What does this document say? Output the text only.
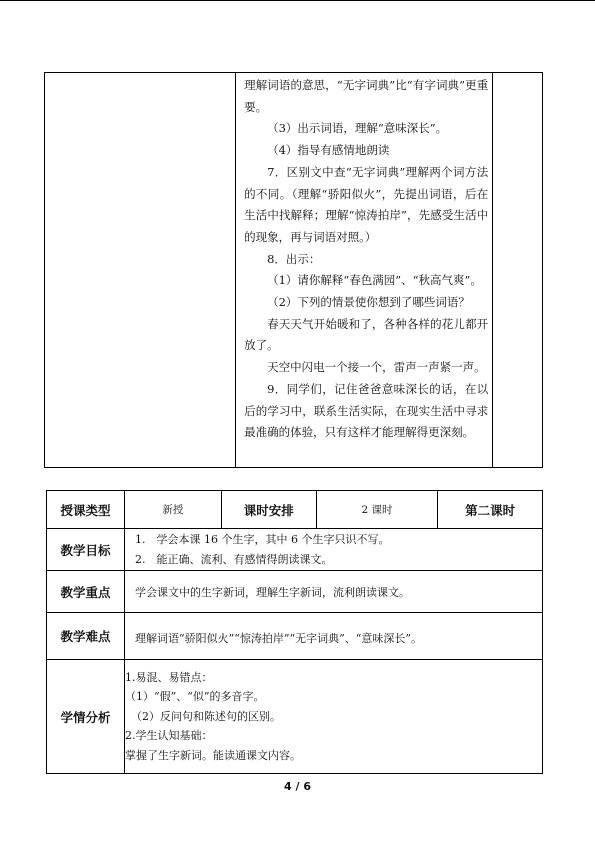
理解词语的意思，“无字词典”比“有字词典”更重要。

（3）出示词语，理解“意味深长”。

（4）指导有感情地朗读

7．区别文中查“无字词典”理解两个词方法的不同。（理解“骄阳似火”，先提出词语，后在生活中找解释；理解“惊涛拍岸”，先感受生活中的现象，再与词语对照。）

8．出示：

（1）请你解释“春色满园”、“秋高气爽”。

（2）下列的情景使你想到了哪些词语？

春天天气开始暖和了，各种各样的花儿都开放了。

天空中闪电一个接一个，雷声一声紧一声。

9．同学们，记住爸爸意味深长的话，在以后的学习中，联系生活实际，在现实生活中寻求最准确的体验，只有这样才能理解得更深刻。

授课类型	新授	课时安排	2 课时	第二课时
教学目标	1.　学会本课 16 个生字，其中 6 个生字只识不写。

2.　能正确、流利、有感情得朗读课文。			

教学重点	学会课文中的生字新词，理解生字新词，流利朗读课文。			
教学难点	理解词语“骄阳似火”“惊涛拍岸”“无字词典”、“意味深长”。			
学情分析	1.易混、易错点：

（1）“假”、“似”的多音字。

（2）反问句和陈述句的区别。

2.学生认知基础：

掌握了生字新词。能读通课文内容。			

4 / 6
